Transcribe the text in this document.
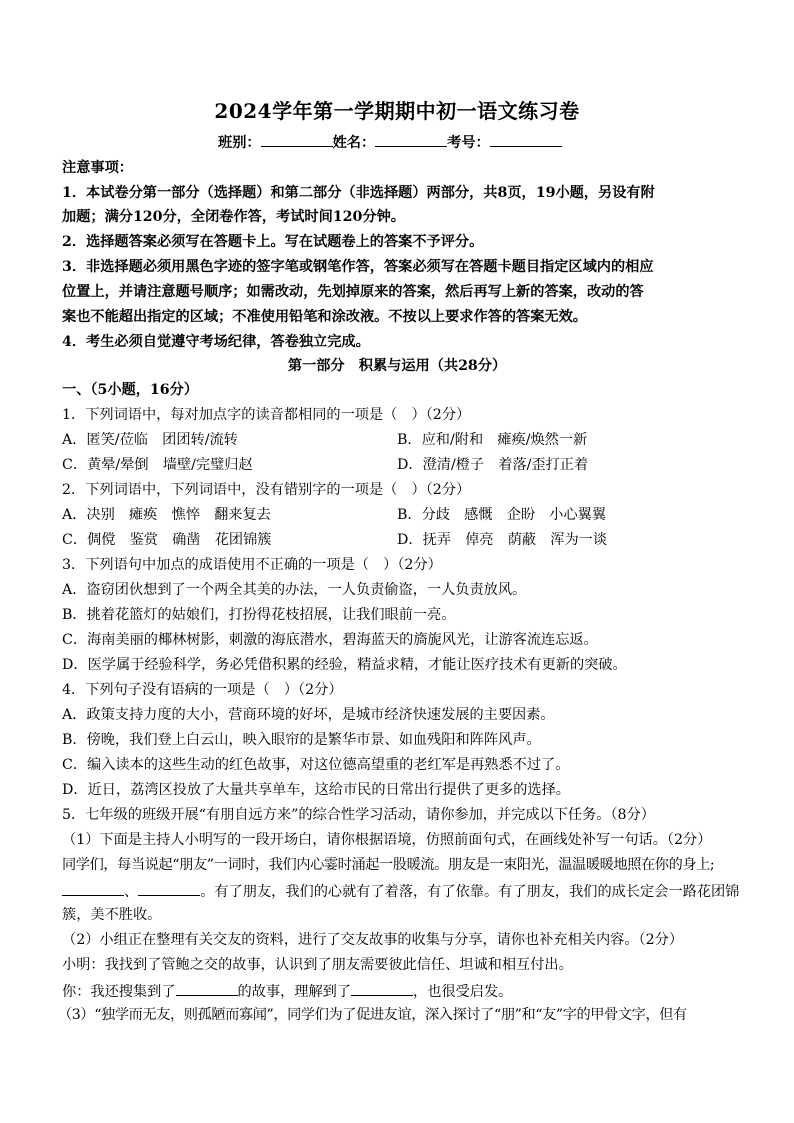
2024学年第一学期期中初一语文练习卷
班别：	姓名：	考号：
注意事项：
1．本试卷分第一部分（选择题）和第二部分（非选择题）两部分，共8页，19小题，另设有附
加题；满分120分，全闭卷作答，考试时间120分钟。
2．选择题答案必须写在答题卡上。写在试题卷上的答案不予评分。
3．非选择题必须用黑色字迹的签字笔或钢笔作答，答案必须写在答题卡题目指定区域内的相应
位置上，并请注意题号顺序；如需改动，先划掉原来的答案，然后再写上新的答案，改动的答
案也不能超出指定的区域；不准使用铅笔和涂改液。不按以上要求作答的答案无效。
4．考生必须自觉遵守考场纪律，答卷独立完成。
第一部分　积累与运用（共28分）
一、（5小题，16分）
1．下列词语中，每对加点字的读音都相同的一项是（　）（2分）
A．匿笑/莅临　团团转/流转	B．应和/附和　瘫痪/焕然一新
C．黄晕/晕倒　墙壁/完璧归赵	D．澄清/橙子　着落/歪打正着
2．下列词语中，下列词语中，没有错别字的一项是（　）（2分）
A．决别　瘫痪　憔悴　翻来复去	B．分歧　感慨　企盼　小心翼翼
C．倜傥　鉴赏　确凿　花团锦簇	D．抚弄　倬亮　荫蔽　浑为一谈
3．下列语句中加点的成语使用不正确的一项是（　）（2分）
A．盗窃团伙想到了一个两全其美的办法，一人负责偷盗，一人负责放风。
B．挑着花篮灯的姑娘们，打扮得花枝招展，让我们眼前一亮。
C．海南美丽的椰林树影，刺激的海底潜水，碧海蓝天的旖旎风光，让游客流连忘返。
D．医学属于经验科学，务必凭借积累的经验，精益求精，才能让医疗技术有更新的突破。
4．下列句子没有语病的一项是（　）（2分）
A．政策支持力度的大小，营商环境的好坏，是城市经济快速发展的主要因素。
B．傍晚，我们登上白云山，映入眼帘的是繁华市景、如血残阳和阵阵风声。
C．编入读本的这些生动的红色故事，对这位德高望重的老红军是再熟悉不过了。
D．近日，荔湾区投放了大量共享单车，这给市民的日常出行提供了更多的选择。
5．七年级的班级开展“有朋自远方来”的综合性学习活动，请你参加，并完成以下任务。（8分）
（1）下面是主持人小明写的一段开场白，请你根据语境，仿照前面句式，在画线处补写一句话。（2分）
同学们，每当说起“朋友”一词时，我们内心霎时涌起一股暖流。朋友是一束阳光，温温暖暖地照在你的身上;
、	。有了朋友，我们的心就有了着落，有了依靠。有了朋友，我们的成长定会一路花团锦
簇，美不胜收。
（2）小组正在整理有关交友的资料，进行了交友故事的收集与分享，请你也补充相关内容。（2分）
小明：我找到了管鲍之交的故事，认识到了朋友需要彼此信任、坦诚和相互付出。
你：我还搜集到了	的故事，理解到了	，也很受启发。
（3）“独学而无友，则孤陋而寡闻”，同学们为了促进友谊，深入探讨了“朋”和“友”字的甲骨文字，但有
